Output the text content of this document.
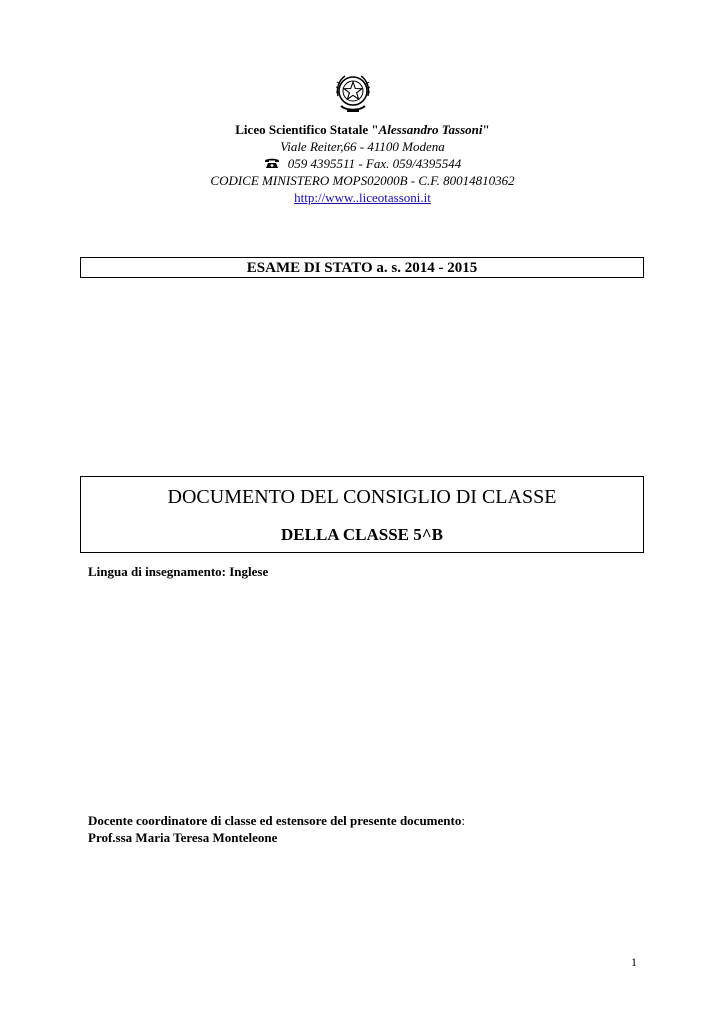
Liceo Scientifico Statale "Alessandro Tassoni"
Viale Reiter,66 - 41100 Modena
059 4395511 - Fax. 059/4395544
CODICE MINISTERO MOPS02000B - C.F. 80014810362
http://www..liceotassoni.it
ESAME DI STATO a. s. 2014 - 2015
DOCUMENTO DEL CONSIGLIO DI CLASSE
DELLA CLASSE 5^B
Lingua di insegnamento: Inglese
Docente coordinatore di classe ed estensore del presente documento:
Prof.ssa Maria Teresa Monteleone
1
